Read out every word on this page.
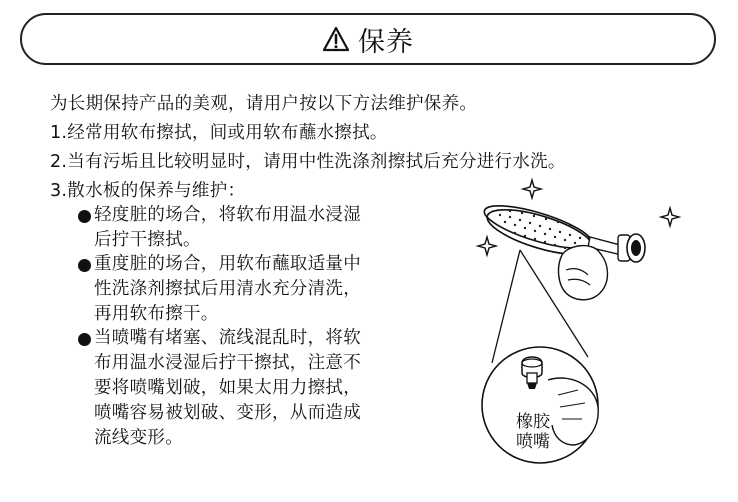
保养
为长期保持产品的美观，请用户按以下方法维护保养。
1.经常用软布擦拭，间或用软布蘸水擦拭。
2.当有污垢且比较明显时，请用中性洗涤剂擦拭后充分进行水洗。
3.散水板的保养与维护：
轻度脏的场合，将软布用温水浸湿
后拧干擦拭。
重度脏的场合，用软布蘸取适量中
性洗涤剂擦拭后用清水充分清洗，
再用软布擦干。
当喷嘴有堵塞、流线混乱时，将软
布用温水浸湿后拧干擦拭，注意不
要将喷嘴划破，如果太用力擦拭，
喷嘴容易被划破、变形，从而造成
流线变形。
橡胶
喷嘴
